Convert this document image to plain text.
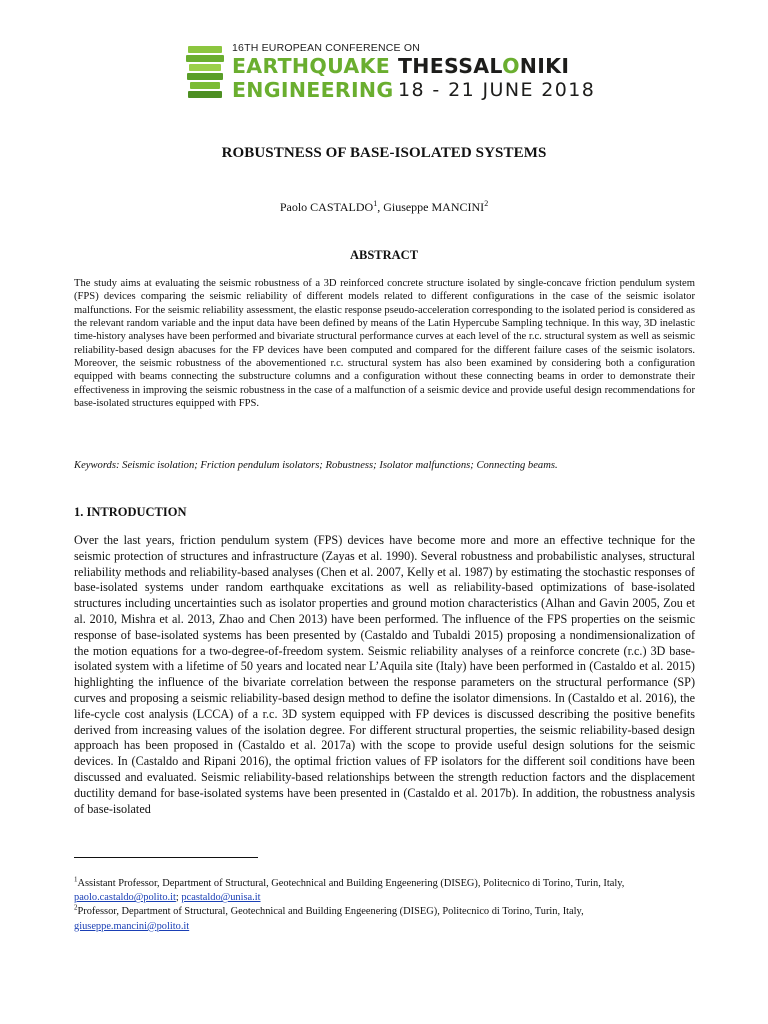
16TH EUROPEAN CONFERENCE ON
EARTHQUAKE
ENGINEERING
THESSALONIKI
18 - 21 JUNE 2018
ROBUSTNESS OF BASE-ISOLATED SYSTEMS
Paolo CASTALDO$^1$, Giuseppe MANCINI$^2$
ABSTRACT
The study aims at evaluating the seismic robustness of a 3D reinforced concrete structure isolated by single-concave friction pendulum system (FPS) devices comparing the seismic reliability of different models related to different configurations in the case of the seismic isolator malfunctions. For the seismic reliability assessment, the elastic response pseudo-acceleration corresponding to the isolated period is considered as the relevant random variable and the input data have been defined by means of the Latin Hypercube Sampling technique. In this way, 3D inelastic time-history analyses have been performed and bivariate structural performance curves at each level of the r.c. structural system as well as seismic reliability-based design abacuses for the FP devices have been computed and compared for the different failure cases of the seismic isolators. Moreover, the seismic robustness of the abovementioned r.c. structural system has also been examined by considering both a configuration equipped with beams connecting the substructure columns and a configuration without these connecting beams in order to demonstrate their effectiveness in improving the seismic robustness in the case of a malfunction of a seismic device and provide useful design recommendations for base-isolated structures equipped with FPS.
Keywords: Seismic isolation; Friction pendulum isolators; Robustness; Isolator malfunctions; Connecting beams.
1. INTRODUCTION
Over the last years, friction pendulum system (FPS) devices have become more and more an effective technique for the seismic protection of structures and infrastructure (Zayas et al. 1990). Several robustness and probabilistic analyses, structural reliability methods and reliability-based analyses (Chen et al. 2007, Kelly et al. 1987) by estimating the stochastic responses of base-isolated systems under random earthquake excitations as well as reliability-based optimizations of base-isolated structures including uncertainties such as isolator properties and ground motion characteristics (Alhan and Gavin 2005, Zou et al. 2010, Mishra et al. 2013, Zhao and Chen 2013) have been performed. The influence of the FPS properties on the seismic response of base-isolated systems has been presented by (Castaldo and Tubaldi 2015) proposing a nondimensionalization of the motion equations for a two-degree-of-freedom system. Seismic reliability analyses of a reinforce concrete (r.c.) 3D base-isolated system with a lifetime of 50 years and located near L’Aquila site (Italy) have been performed in (Castaldo et al. 2015) highlighting the influence of the bivariate correlation between the response parameters on the structural performance (SP) curves and proposing a seismic reliability-based design method to define the isolator dimensions. In (Castaldo et al. 2016), the life-cycle cost analysis (LCCA) of a r.c. 3D system equipped with FP devices is discussed describing the positive benefits derived from increasing values of the isolation degree. For different structural properties, the seismic reliability-based design approach has been proposed in (Castaldo et al. 2017a) with the scope to provide useful design solutions for the seismic devices. In (Castaldo and Ripani 2016), the optimal friction values of FP isolators for the different soil conditions have been discussed and evaluated. Seismic reliability-based relationships between the strength reduction factors and the displacement ductility demand for base-isolated systems have been presented in (Castaldo et al. 2017b). In addition, the robustness analysis of base-isolated

$^1$Assistant Professor, Department of Structural, Geotechnical and Building Engeenering (DISEG), Politecnico di Torino, Turin, Italy, paolo.castaldo@polito.it; pcastaldo@unisa.it

$^2$Professor, Department of Structural, Geotechnical and Building Engeenering (DISEG), Politecnico di Torino, Turin, Italy, giuseppe.mancini@polito.it
